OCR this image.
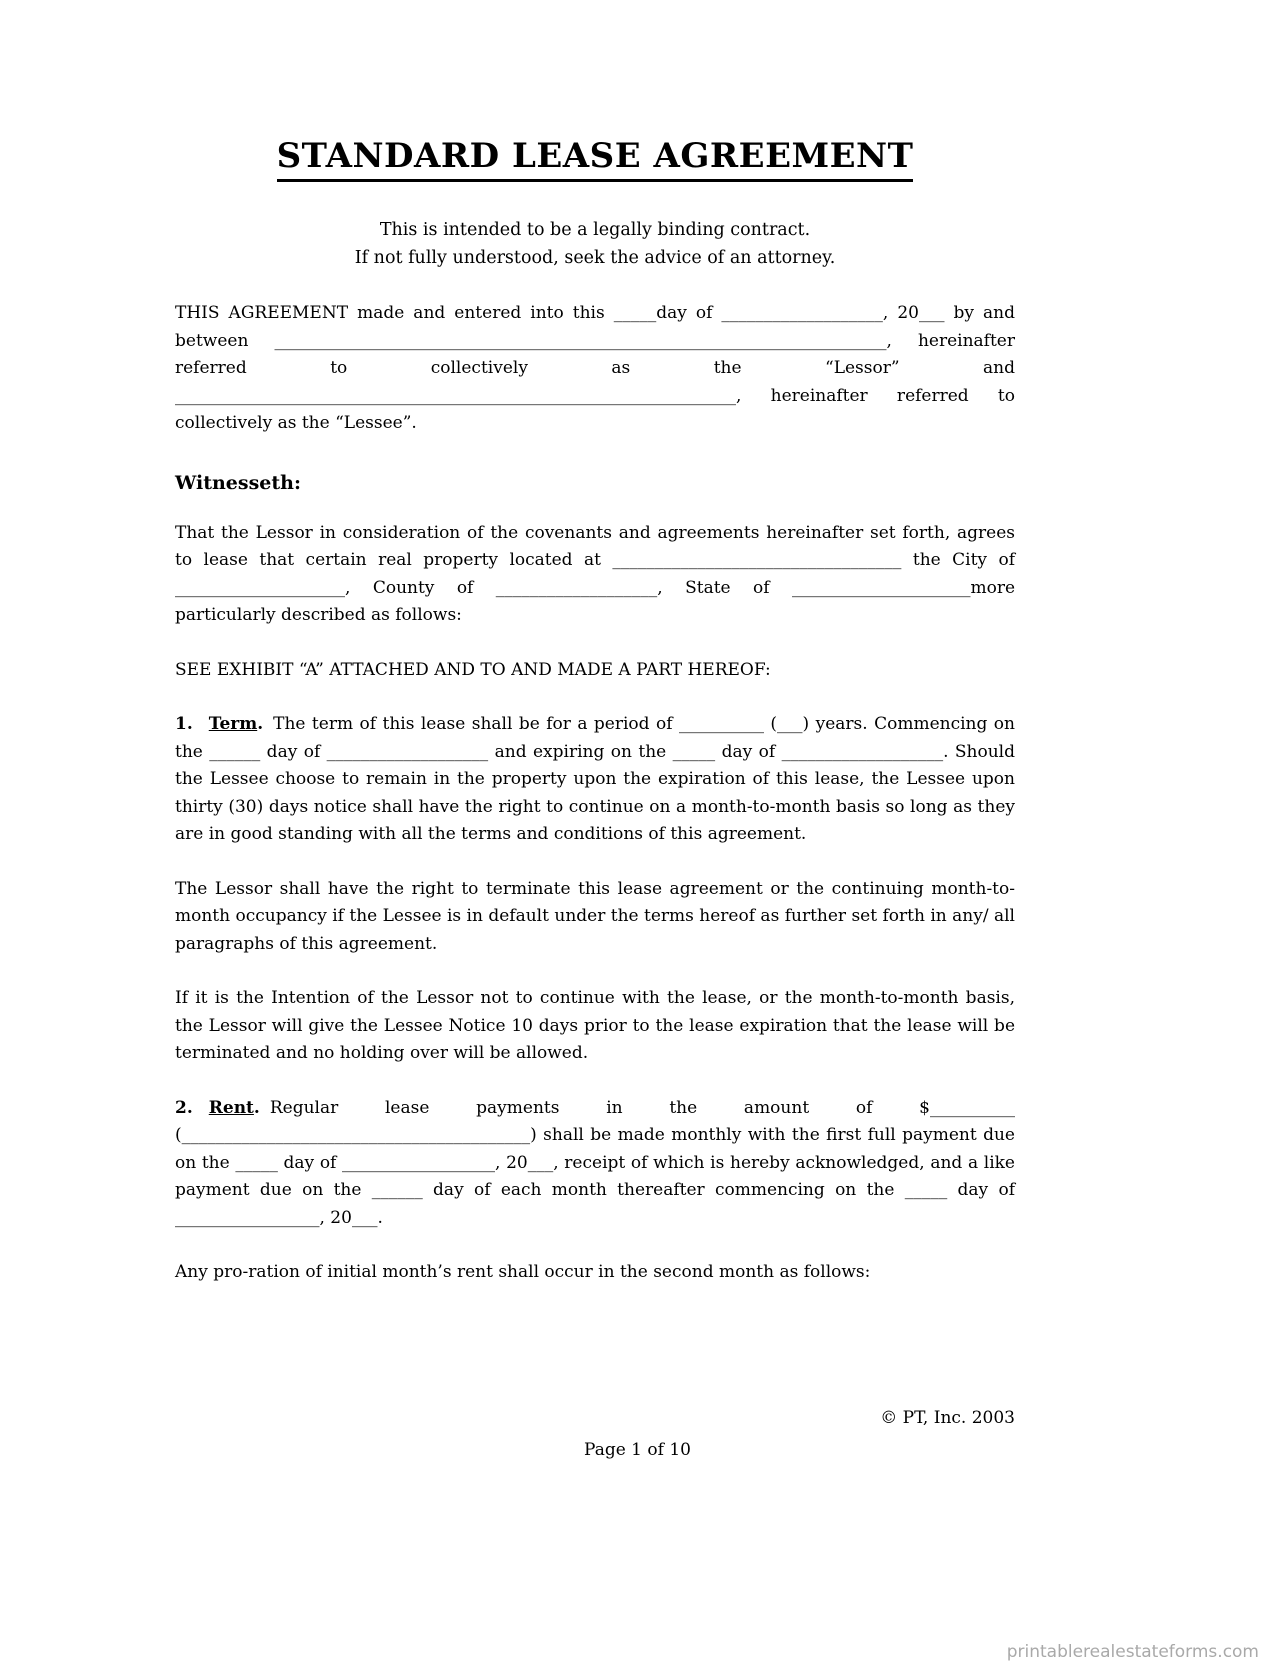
STANDARD LEASE AGREEMENT
This is intended to be a legally binding contract.
If not fully understood, seek the advice of an attorney.

THIS AGREEMENT made and entered into this _____day of ___________________, 20___ by and between ________________________________________________________________________, hereinafter referred to collectively as the “Lessor” and __________________________________________________________________, hereinafter referred to collectively as the “Lessee”.

Witnesseth:

That the Lessor in consideration of the covenants and agreements hereinafter set forth, agrees to lease that certain real property located at __________________________________ the City of ____________________, County of ___________________, State of _____________________more particularly described as follows:

SEE EXHIBIT “A” ATTACHED AND TO AND MADE A PART HEREOF:

1. Term. The term of this lease shall be for a period of __________ (___) years. Commencing on the ______ day of ___________________ and expiring on the _____ day of ___________________. Should the Lessee choose to remain in the property upon the expiration of this lease, the Lessee upon thirty (30) days notice shall have the right to continue on a month-to-month basis so long as they are in good standing with all the terms and conditions of this agreement.

The Lessor shall have the right to terminate this lease agreement or the continuing month-to-month occupancy if the Lessee is in default under the terms hereof as further set forth in any/ all paragraphs of this agreement.

If it is the Intention of the Lessor not to continue with the lease, or the month-to-month basis, the Lessor will give the Lessee Notice 10 days prior to the lease expiration that the lease will be terminated and no holding over will be allowed.

2. Rent. Regular lease payments in the amount of $__________ (_________________________________________) shall be made monthly with the first full payment due on the _____ day of __________________, 20___, receipt of which is hereby acknowledged, and a like payment due on the ______ day of each month thereafter commencing on the _____ day of _________________, 20___.

Any pro-ration of initial month’s rent shall occur in the second month as follows:

© PT, Inc. 2003
Page 1 of 10
printablerealestateforms.com
